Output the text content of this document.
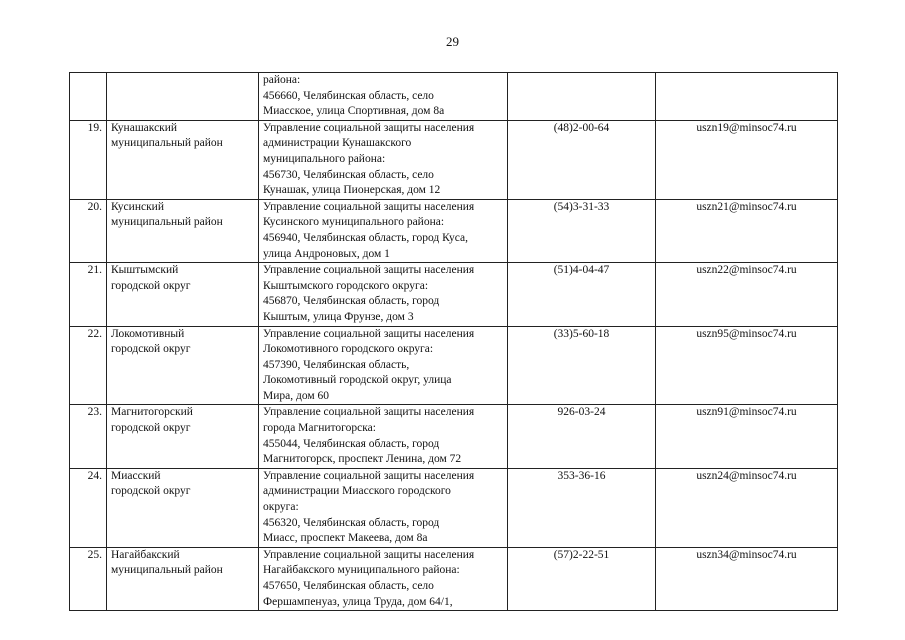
29

		района:
456660, Челябинская область, село
Миасское, улица Спортивная, дом 8а		

19.	Кунашакский
муниципальный район	Управление социальной защиты населения
администрации Кунашакского
муниципального района:
456730, Челябинская область, село
Кунашак, улица Пионерская, дом 12	(48)2-00-64	uszn19@minsoc74.ru
20.	Кусинский
муниципальный район	Управление социальной защиты населения
Кусинского муниципального района:
456940, Челябинская область, город Куса,
улица Андроновых, дом 1	(54)3-31-33	uszn21@minsoc74.ru
21.	Кыштымский
городской округ	Управление социальной защиты населения
Кыштымского городского округа:
456870, Челябинская область, город
Кыштым, улица Фрунзе, дом 3	(51)4-04-47	uszn22@minsoc74.ru
22.	Локомотивный
городской округ	Управление социальной защиты населения
Локомотивного городского округа:
457390, Челябинская область,
Локомотивный городской округ, улица
Мира, дом 60	(33)5-60-18	uszn95@minsoc74.ru
23.	Магнитогорский
городской округ	Управление социальной защиты населения
города Магнитогорска:
455044, Челябинская область, город
Магнитогорск, проспект Ленина, дом 72	926-03-24	uszn91@minsoc74.ru
24.	Миасский
городской округ	Управление социальной защиты населения
администрации Миасского городского
округа:
456320, Челябинская область, город
Миасс, проспект Макеева, дом 8а	353-36-16	uszn24@minsoc74.ru
25.	Нагайбакский
муниципальный район	Управление социальной защиты населения
Нагайбакского муниципального района:
457650, Челябинская область, село
Фершампенуаз, улица Труда, дом 64/1,	(57)2-22-51	uszn34@minsoc74.ru
